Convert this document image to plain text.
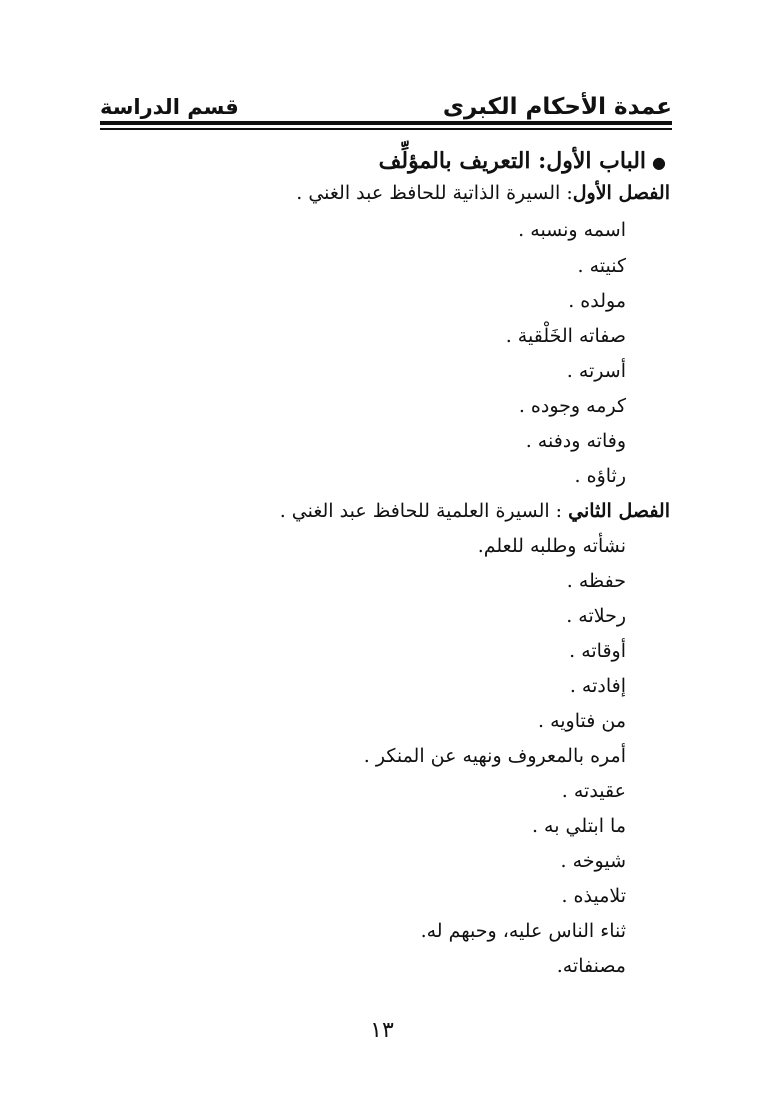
عمدة الأحكام الكبرى
قسم الدراسة
●الباب الأول: التعريف بالمؤلِّف
الفصل الأول: السيرة الذاتية للحافظ عبد الغني .
اسمه ونسبه .
كنيته .
مولده .
صفاته الخَلْقية .
أسرته .
كرمه وجوده .
وفاته ودفنه .
رثاؤه .
الفصل الثاني : السيرة العلمية للحافظ عبد الغني .
نشأته وطلبه للعلم.
حفظه .
رحلاته .
أوقاته .
إفادته .
من فتاويه .
أمره بالمعروف ونهيه عن المنكر .
عقيدته .
ما ابتلي به .
شيوخه .
تلاميذه .
ثناء الناس عليه، وحبهم له.
مصنفاته.
١٣
